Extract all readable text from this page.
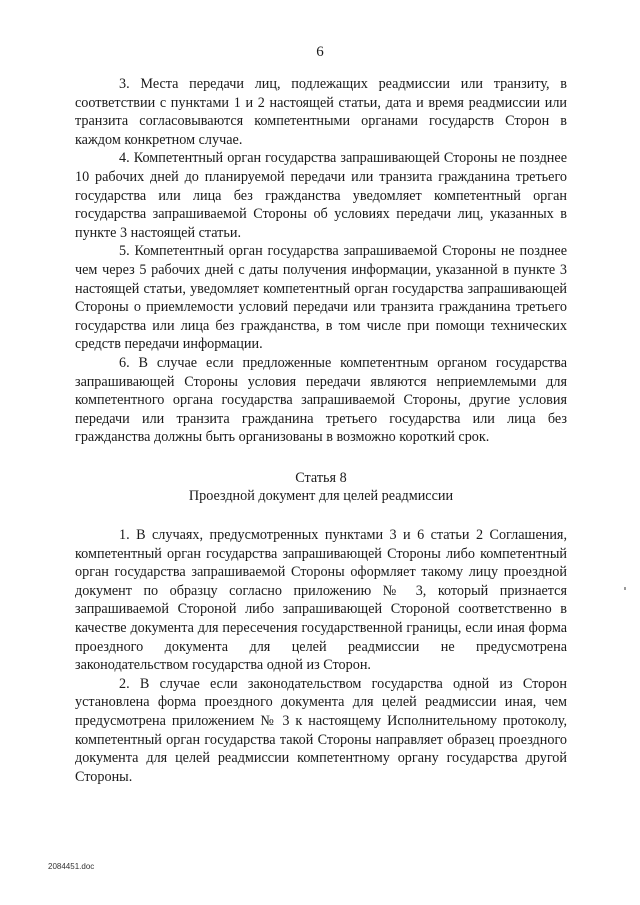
6

3. Места передачи лиц, подлежащих реадмиссии или транзиту, в соответствии с пунктами 1 и 2 настоящей статьи, дата и время реадмиссии или транзита согласовываются компетентными органами государств Сторон в каждом конкретном случае.

4. Компетентный орган государства запрашивающей Стороны не позднее 10 рабочих дней до планируемой передачи или транзита гражданина третьего государства или лица без гражданства уведомляет компетентный орган государства запрашиваемой Стороны об условиях передачи лиц, указанных в пункте 3 настоящей статьи.

5. Компетентный орган государства запрашиваемой Стороны не позднее чем через 5 рабочих дней с даты получения информации, указанной в пункте 3 настоящей статьи, уведомляет компетентный орган государства запрашивающей Стороны о приемлемости условий передачи или транзита гражданина третьего государства или лица без гражданства, в том числе при помощи технических средств передачи информации.

6. В случае если предложенные компетентным органом государства запрашивающей Стороны условия передачи являются неприемлемыми для компетентного органа государства запрашиваемой Стороны, другие условия передачи или транзита гражданина третьего государства или лица без гражданства должны быть организованы в возможно короткий срок.

Статья 8

Проездной документ для целей реадмиссии

1. В случаях, предусмотренных пунктами 3 и 6 статьи 2 Соглашения, компетентный орган государства запрашивающей Стороны либо компетентный орган государства запрашиваемой Стороны оформляет такому лицу проездной документ по образцу согласно приложению № 3, который признается запрашиваемой Стороной либо запрашивающей Стороной соответственно в качестве документа для пересечения государственной границы, если иная форма проездного документа для целей реадмиссии не предусмотрена законодательством государства одной из Сторон.

2. В случае если законодательством государства одной из Сторон установлена форма проездного документа для целей реадмиссии иная, чем предусмотрена приложением № 3 к настоящему Исполнительному протоколу, компетентный орган государства такой Стороны направляет образец проездного документа для целей реадмиссии компетентному органу государства другой Стороны.

2084451.doc
